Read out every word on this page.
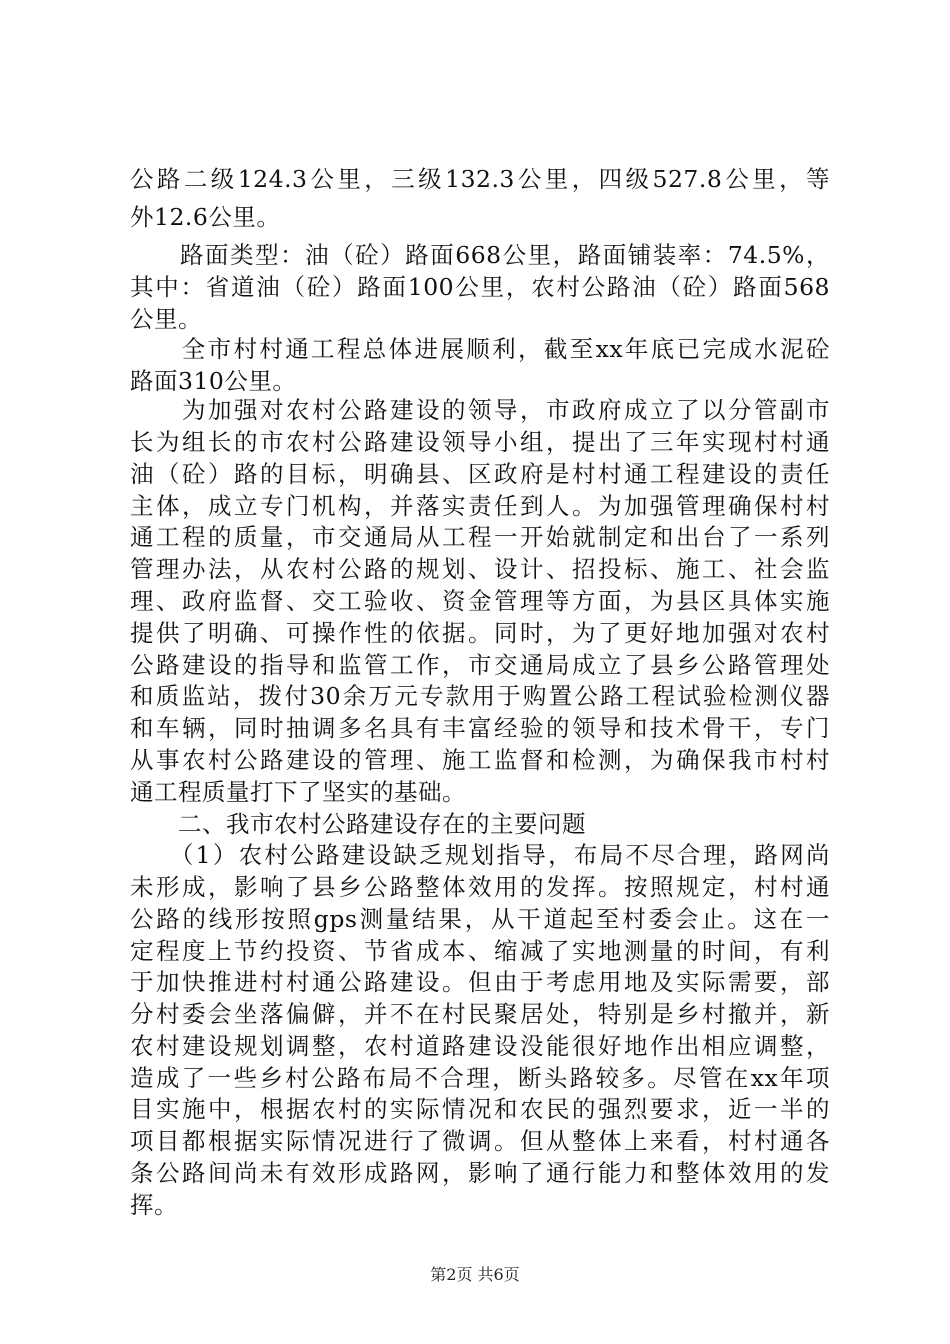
公路二级124.3公里，三级132.3公里，四级527.8公里，等
外12.6公里。
　　路面类型：油（砼）路面668公里，路面铺装率：74.5%，
其中：省道油（砼）路面100公里，农村公路油（砼）路面568
公里。
　　全市村村通工程总体进展顺利，截至xx年底已完成水泥砼
路面310公里。
　　为加强对农村公路建设的领导，市政府成立了以分管副市
长为组长的市农村公路建设领导小组，提出了三年实现村村通
油（砼）路的目标，明确县、区政府是村村通工程建设的责任
主体，成立专门机构，并落实责任到人。为加强管理确保村村
通工程的质量，市交通局从工程一开始就制定和出台了一系列
管理办法，从农村公路的规划、设计、招投标、施工、社会监
理、政府监督、交工验收、资金管理等方面，为县区具体实施
提供了明确、可操作性的依据。同时，为了更好地加强对农村
公路建设的指导和监管工作，市交通局成立了县乡公路管理处
和质监站，拨付30余万元专款用于购置公路工程试验检测仪器
和车辆，同时抽调多名具有丰富经验的领导和技术骨干，专门
从事农村公路建设的管理、施工监督和检测，为确保我市村村
通工程质量打下了坚实的基础。
　　二、我市农村公路建设存在的主要问题
　　（1）农村公路建设缺乏规划指导，布局不尽合理，路网尚
未形成，影响了县乡公路整体效用的发挥。按照规定，村村通
公路的线形按照gps测量结果，从干道起至村委会止。这在一
定程度上节约投资、节省成本、缩减了实地测量的时间，有利
于加快推进村村通公路建设。但由于考虑用地及实际需要，部
分村委会坐落偏僻，并不在村民聚居处，特别是乡村撤并，新
农村建设规划调整，农村道路建设没能很好地作出相应调整，
造成了一些乡村公路布局不合理，断头路较多。尽管在xx年项
目实施中，根据农村的实际情况和农民的强烈要求，近一半的
项目都根据实际情况进行了微调。但从整体上来看，村村通各
条公路间尚未有效形成路网，影响了通行能力和整体效用的发
挥。
第2页 共6页
